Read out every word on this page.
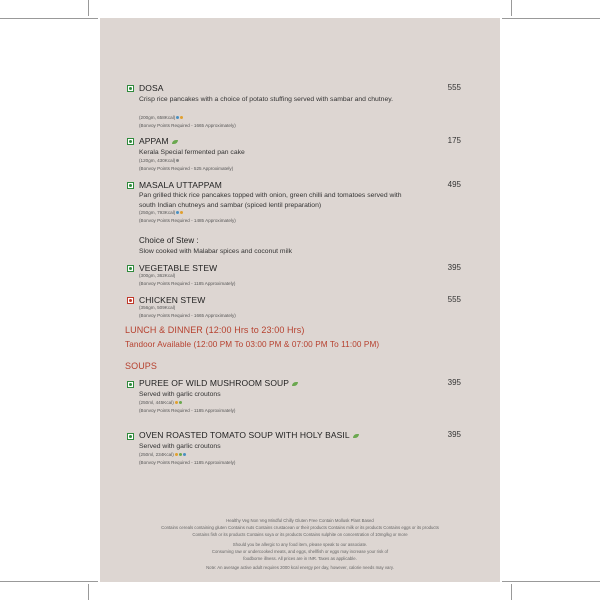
DOSA	555
Crisp rice pancakes with a choice of potato stuffing served with sambar and chutney.
(200gm, 658Kcal)
(Bonvoy Points Required - 1665 Approximately)
APPAM	175
Kerala Special fermented pan cake
(120gm, 430Kcal)
(Bonvoy Points Required - 525 Approximately)
MASALA UTTAPPAM	495
Pan grilled thick rice pancakes topped with onion, green chilli and tomatoes served with south Indian chutneys and sambar (spiced lentil preparation)
(250gm, 793Kcal)
(Bonvoy Points Required - 1485 Approximately)
Choice of Stew :
Slow cooked with Malabar spices and coconut milk
VEGETABLE STEW	395
(300gm, 362Kcal)
(Bonvoy Points Required - 1185 Approximately)
CHICKEN STEW	555
(356gm, 509Kcal)
(Bonvoy Points Required - 1665 Approximately)
LUNCH & DINNER (12:00 Hrs to 23:00 Hrs)
Tandoor Available (12:00 PM To 03:00 PM & 07:00 PM To 11:00 PM)
SOUPS
PUREE OF WILD MUSHROOM SOUP	395
Served with garlic croutons
(250ml, 445Kcal)
(Bonvoy Points Required - 1185 Approximately)
OVEN ROASTED TOMATO SOUP WITH HOLY BASIL	395
Served with garlic croutons
(250ml, 234Kcal)
(Bonvoy Points Required - 1185 Approximately)
Healthy Veg Non Veg Mindful Chilly Gluten Free Contain Mollusk Plant Based
Contains cereals containing gluten Contains nuts Contains crustacean or their products Contains milk or its products Contains eggs or its products
Contains fish or its products Contains soya or its products Contains sulphite on concentration of 10mg/kg or more
Should you be allergic to any food item, please speak to our associate.
Consuming raw or undercooked meats, and eggs, shellfish or eggs may increase your risk of
foodborne illness. All prices are in INR. Taxes as applicable.
Note: An average active adult requires 2000 kcal energy per day, however, calorie needs may vary.
